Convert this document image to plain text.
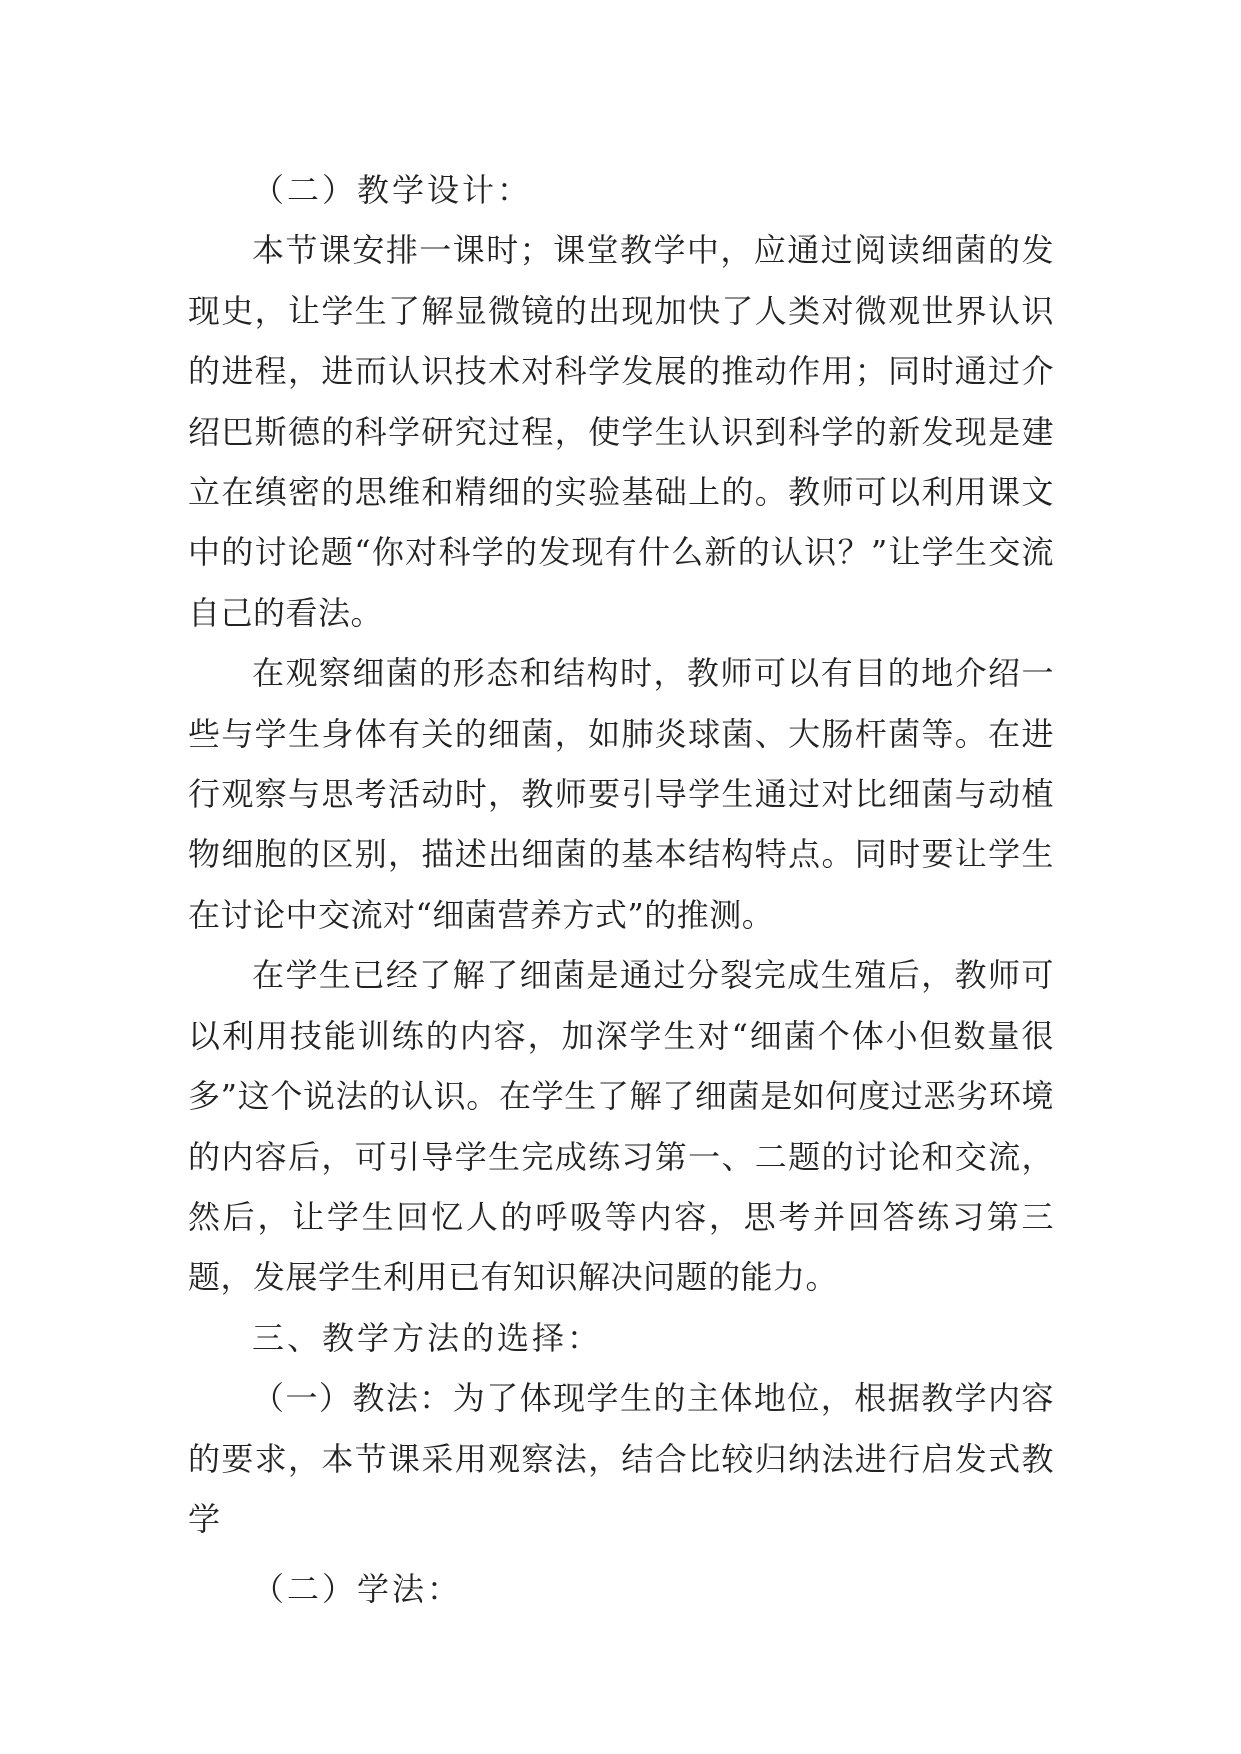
（二）教学设计：

本节课安排一课时；课堂教学中，应通过阅读细菌的发现史，让学生了解显微镜的出现加快了人类对微观世界认识的进程，进而认识技术对科学发展的推动作用；同时通过介绍巴斯德的科学研究过程，使学生认识到科学的新发现是建立在缜密的思维和精细的实验基础上的。教师可以利用课文中的讨论题“你对科学的发现有什么新的认识？”让学生交流自己的看法。

在观察细菌的形态和结构时，教师可以有目的地介绍一些与学生身体有关的细菌，如肺炎球菌、大肠杆菌等。在进行观察与思考活动时，教师要引导学生通过对比细菌与动植物细胞的区别，描述出细菌的基本结构特点。同时要让学生在讨论中交流对“细菌营养方式”的推测。

在学生已经了解了细菌是通过分裂完成生殖后，教师可以利用技能训练的内容，加深学生对“细菌个体小但数量很多”这个说法的认识。在学生了解了细菌是如何度过恶劣环境的内容后，可引导学生完成练习第一、二题的讨论和交流，然后，让学生回忆人的呼吸等内容，思考并回答练习第三题，发展学生利用已有知识解决问题的能力。

三、教学方法的选择：

（一）教法：为了体现学生的主体地位，根据教学内容的要求，本节课采用观察法，结合比较归纳法进行启发式教学

（二）学法：
